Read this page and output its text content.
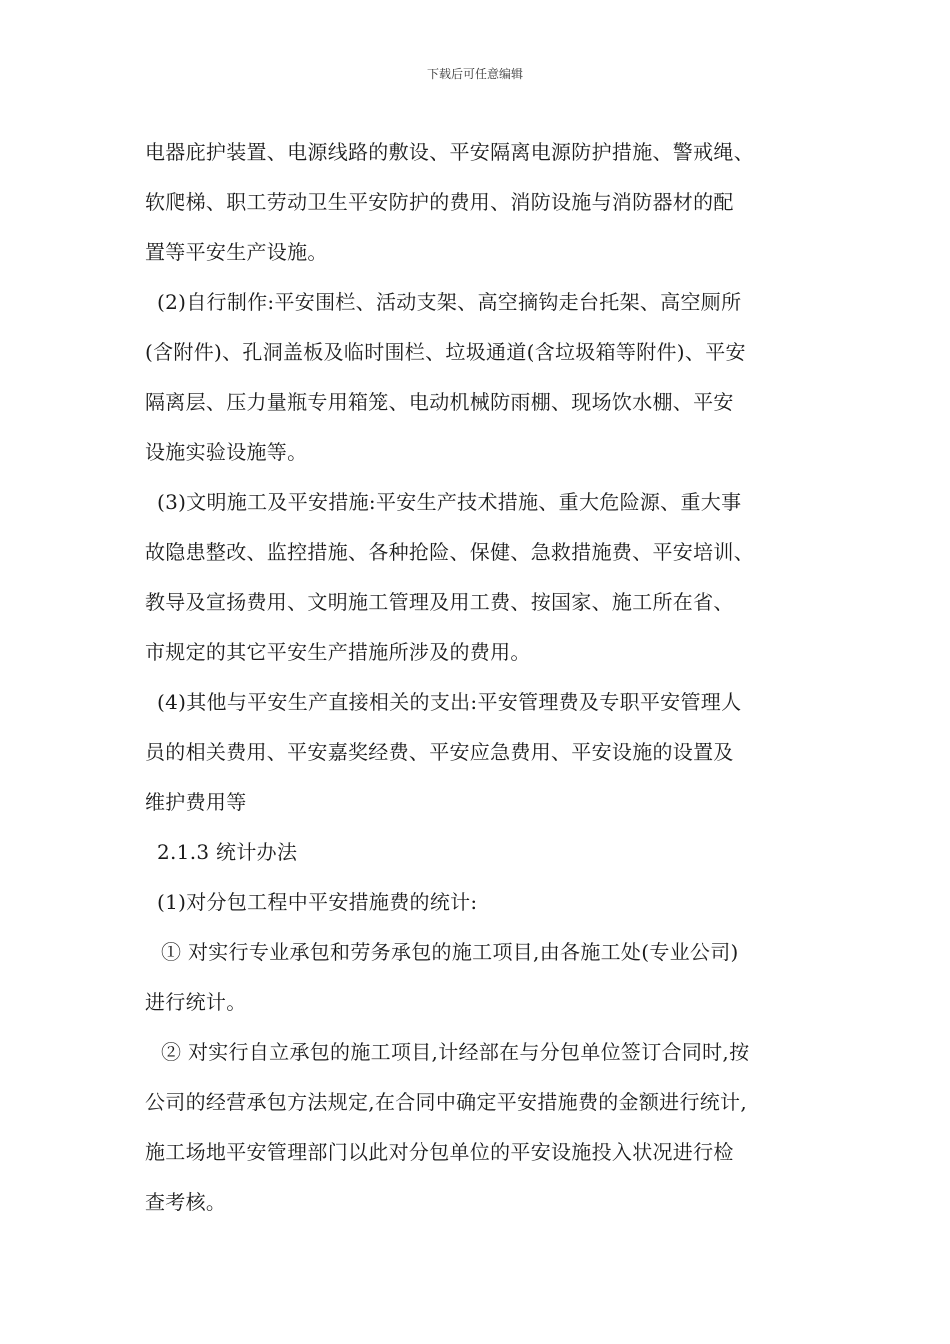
下载后可任意编辑
电器庇护装置、电源线路的敷设、平安隔离电源防护措施、警戒绳、
软爬梯、职工劳动卫生平安防护的费用、消防设施与消防器材的配
置等平安生产设施。
(2)自行制作:平安围栏、活动支架、高空摘钩走台托架、高空厕所
(含附件)、孔洞盖板及临时围栏、垃圾通道(含垃圾箱等附件)、平安
隔离层、压力量瓶专用箱笼、电动机械防雨棚、现场饮水棚、平安
设施实验设施等。
(3)文明施工及平安措施:平安生产技术措施、重大危险源、重大事
故隐患整改、监控措施、各种抢险、保健、急救措施费、平安培训、
教导及宣扬费用、文明施工管理及用工费、按国家、施工所在省、
市规定的其它平安生产措施所涉及的费用。
(4)其他与平安生产直接相关的支出:平安管理费及专职平安管理人
员的相关费用、平安嘉奖经费、平安应急费用、平安设施的设置及
维护费用等
2.1.3 统计办法
(1)对分包工程中平安措施费的统计:
① 对实行专业承包和劳务承包的施工项目,由各施工处(专业公司)
进行统计。
② 对实行自立承包的施工项目,计经部在与分包单位签订合同时,按
公司的经营承包方法规定,在合同中确定平安措施费的金额进行统计,
施工场地平安管理部门以此对分包单位的平安设施投入状况进行检
查考核。
